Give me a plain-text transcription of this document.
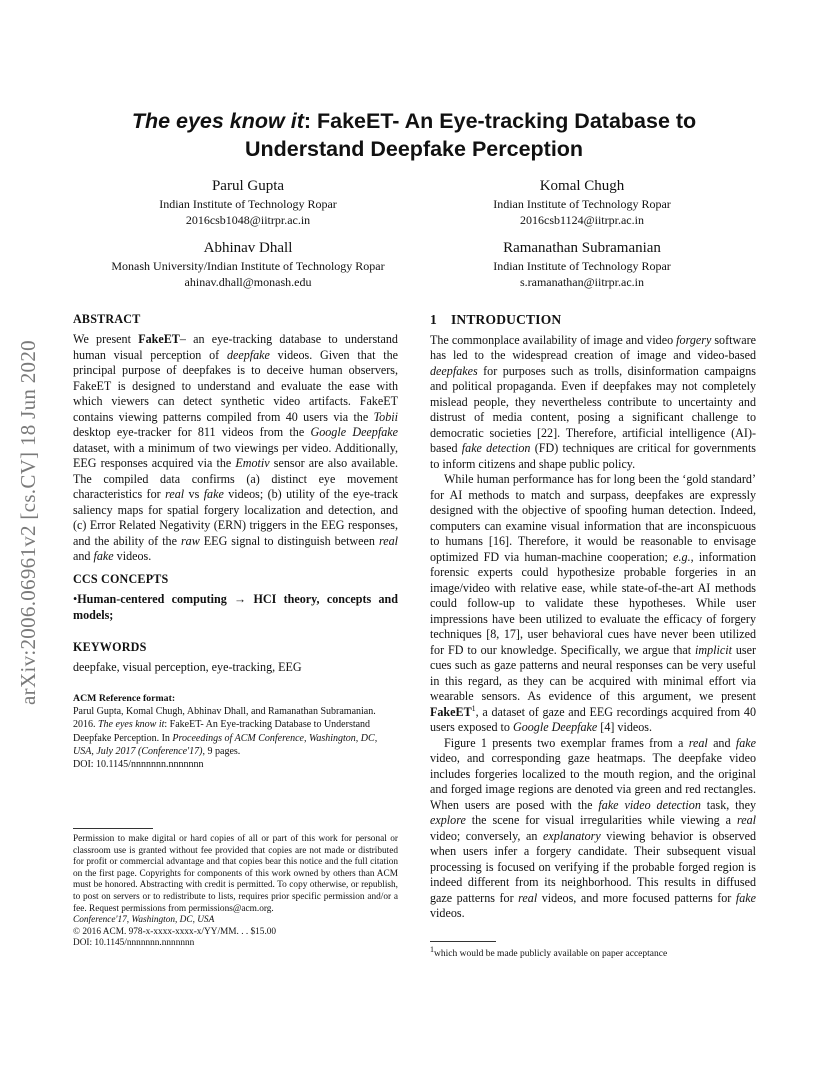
arXiv:2006.06961v2 [cs.CV] 18 Jun 2020
The eyes know it: FakeET- An Eye-tracking Database to
Understand Deepfake Perception
Parul Gupta
Indian Institute of Technology Ropar
2016csb1048@iitrpr.ac.in
Komal Chugh
Indian Institute of Technology Ropar
2016csb1124@iitrpr.ac.in
Abhinav Dhall
Monash University/Indian Institute of Technology Ropar
ahinav.dhall@monash.edu
Ramanathan Subramanian
Indian Institute of Technology Ropar
s.ramanathan@iitrpr.ac.in
ABSTRACT

We present FakeET– an eye-tracking database to understand human visual perception of deepfake videos. Given that the principal purpose of deepfakes is to deceive human observers, FakeET is designed to understand and evaluate the ease with which viewers can detect synthetic video artifacts. FakeET contains viewing patterns compiled from 40 users via the Tobii desktop eye-tracker for 811 videos from the Google Deepfake dataset, with a minimum of two viewings per video. Additionally, EEG responses acquired via the Emotiv sensor are also available. The compiled data confirms (a) distinct eye movement characteristics for real vs fake videos; (b) utility of the eye-track saliency maps for spatial forgery localization and detection, and (c) Error Related Negativity (ERN) triggers in the EEG responses, and the ability of the raw EEG signal to distinguish between real and fake videos.

CCS CONCEPTS

•Human-centered computing → HCI theory, concepts and models;

KEYWORDS

deepfake, visual perception, eye-tracking, EEG

ACM Reference format:

Parul Gupta, Komal Chugh, Abhinav Dhall, and Ramanathan Subramanian. 2016. The eyes know it: FakeET- An Eye-tracking Database to Understand Deepfake Perception. In Proceedings of ACM Conference, Washington, DC, USA, July 2017 (Conference'17), 9 pages.

DOI: 10.1145/nnnnnnn.nnnnnnn

Permission to make digital or hard copies of all or part of this work for personal or classroom use is granted without fee provided that copies are not made or distributed for profit or commercial advantage and that copies bear this notice and the full citation on the first page. Copyrights for components of this work owned by others than ACM must be honored. Abstracting with credit is permitted. To copy otherwise, or republish, to post on servers or to redistribute to lists, requires prior specific permission and/or a fee. Request permissions from permissions@acm.org.

Conference'17, Washington, DC, USA
© 2016 ACM. 978-x-xxxx-xxxx-x/YY/MM. . . $15.00
DOI: 10.1145/nnnnnnn.nnnnnnn
1 INTRODUCTION

The commonplace availability of image and video forgery software has led to the widespread creation of image and video-based deepfakes for purposes such as trolls, disinformation campaigns and political propaganda. Even if deepfakes may not completely mislead people, they nevertheless contribute to uncertainty and distrust of media content, posing a significant challenge to democratic societies [22]. Therefore, artificial intelligence (AI)-based fake detection (FD) techniques are critical for governments to inform citizens and shape public policy.

While human performance has for long been the ‘gold standard’ for AI methods to match and surpass, deepfakes are expressly designed with the objective of spoofing human detection. Indeed, computers can examine visual information that are inconspicuous to humans [16]. Therefore, it would be reasonable to envisage optimized FD via human-machine cooperation; e.g., information forensic experts could hypothesize probable forgeries in an image/video with relative ease, while state-of-the-art AI methods could follow-up to validate these hypotheses. While user impressions have been utilized to evaluate the efficacy of forgery techniques [8, 17], user behavioral cues have never been utilized for FD to our knowledge. Specifically, we argue that implicit user cues such as gaze patterns and neural responses can be very useful in this regard, as they can be acquired with minimal effort via wearable sensors. As evidence of this argument, we present FakeET$^1$, a dataset of gaze and EEG recordings acquired from 40 users exposed to Google Deepfake [4] videos.

Figure 1 presents two exemplar frames from a real and fake video, and corresponding gaze heatmaps. The deepfake video includes forgeries localized to the mouth region, and the original and forged image regions are denoted via green and red rectangles. When users are posed with the fake video detection task, they explore the scene for visual irregularities while viewing a real video; conversely, an explanatory viewing behavior is observed when users infer a forgery candidate. Their subsequent visual processing is focused on verifying if the probable forged region is indeed different from its neighborhood. This results in diffused gaze patterns for real videos, and more focused patterns for fake videos.

$^1$which would be made publicly available on paper acceptance
